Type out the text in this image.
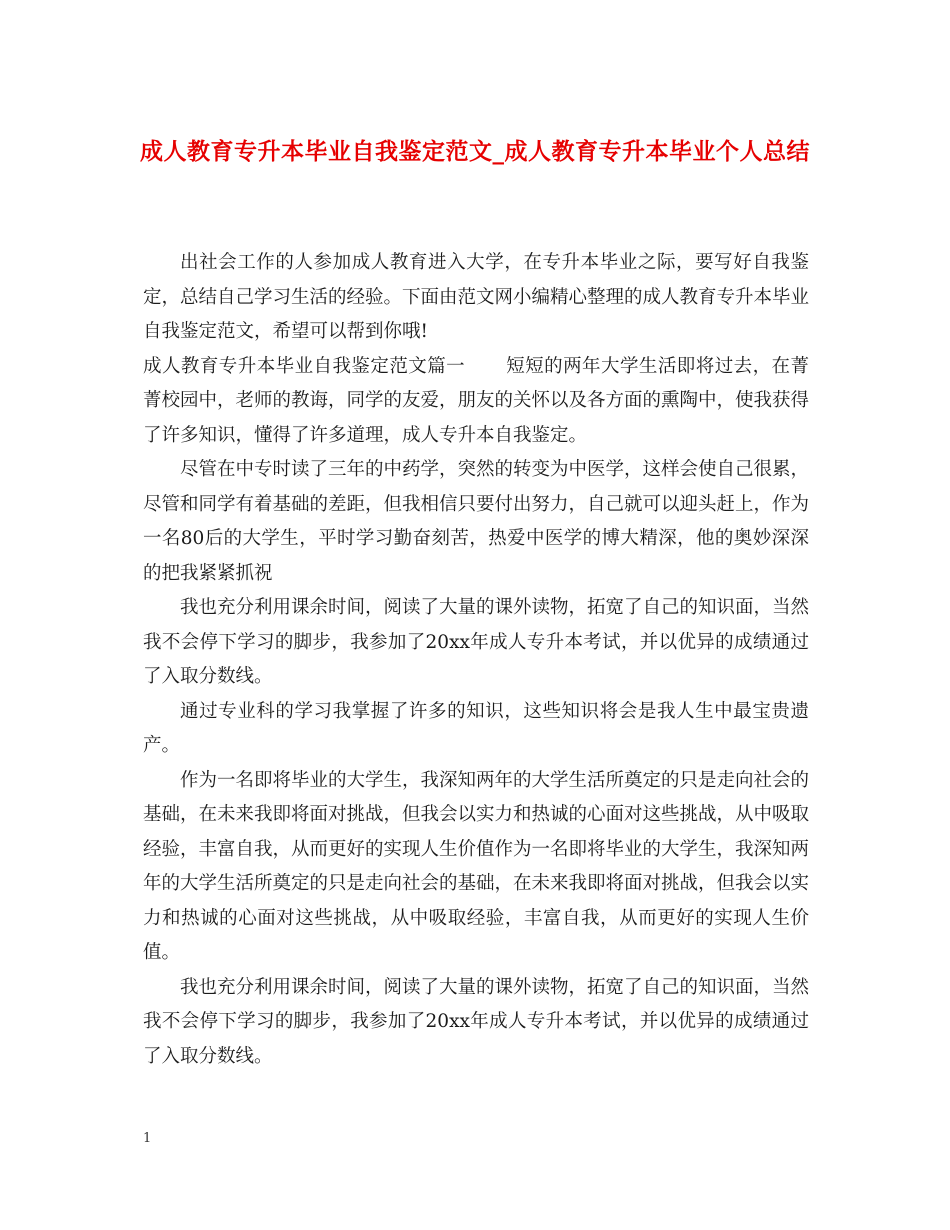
成人教育专升本毕业自我鉴定范文_成人教育专升本毕业个人总结

出社会工作的人参加成人教育进入大学，在专升本毕业之际，要写好自我鉴定，总结自己学习生活的经验。下面由范文网小编精心整理的成人教育专升本毕业自我鉴定范文，希望可以帮到你哦!

成人教育专升本毕业自我鉴定范文篇一 短短的两年大学生活即将过去，在菁菁校园中，老师的教诲，同学的友爱，朋友的关怀以及各方面的熏陶中，使我获得了许多知识，懂得了许多道理，成人专升本自我鉴定。

尽管在中专时读了三年的中药学，突然的转变为中医学，这样会使自己很累，尽管和同学有着基础的差距，但我相信只要付出努力，自己就可以迎头赶上，作为一名80后的大学生，平时学习勤奋刻苦，热爱中医学的博大精深，他的奥妙深深的把我紧紧抓祝

我也充分利用课余时间，阅读了大量的课外读物，拓宽了自己的知识面，当然我不会停下学习的脚步，我参加了20xx年成人专升本考试，并以优异的成绩通过了入取分数线。

通过专业科的学习我掌握了许多的知识，这些知识将会是我人生中最宝贵遗产。

作为一名即将毕业的大学生，我深知两年的大学生活所奠定的只是走向社会的基础，在未来我即将面对挑战，但我会以实力和热诚的心面对这些挑战，从中吸取经验，丰富自我，从而更好的实现人生价值作为一名即将毕业的大学生，我深知两年的大学生活所奠定的只是走向社会的基础，在未来我即将面对挑战，但我会以实力和热诚的心面对这些挑战，从中吸取经验，丰富自我，从而更好的实现人生价值。

我也充分利用课余时间，阅读了大量的课外读物，拓宽了自己的知识面，当然我不会停下学习的脚步，我参加了20xx年成人专升本考试，并以优异的成绩通过了入取分数线。

1
